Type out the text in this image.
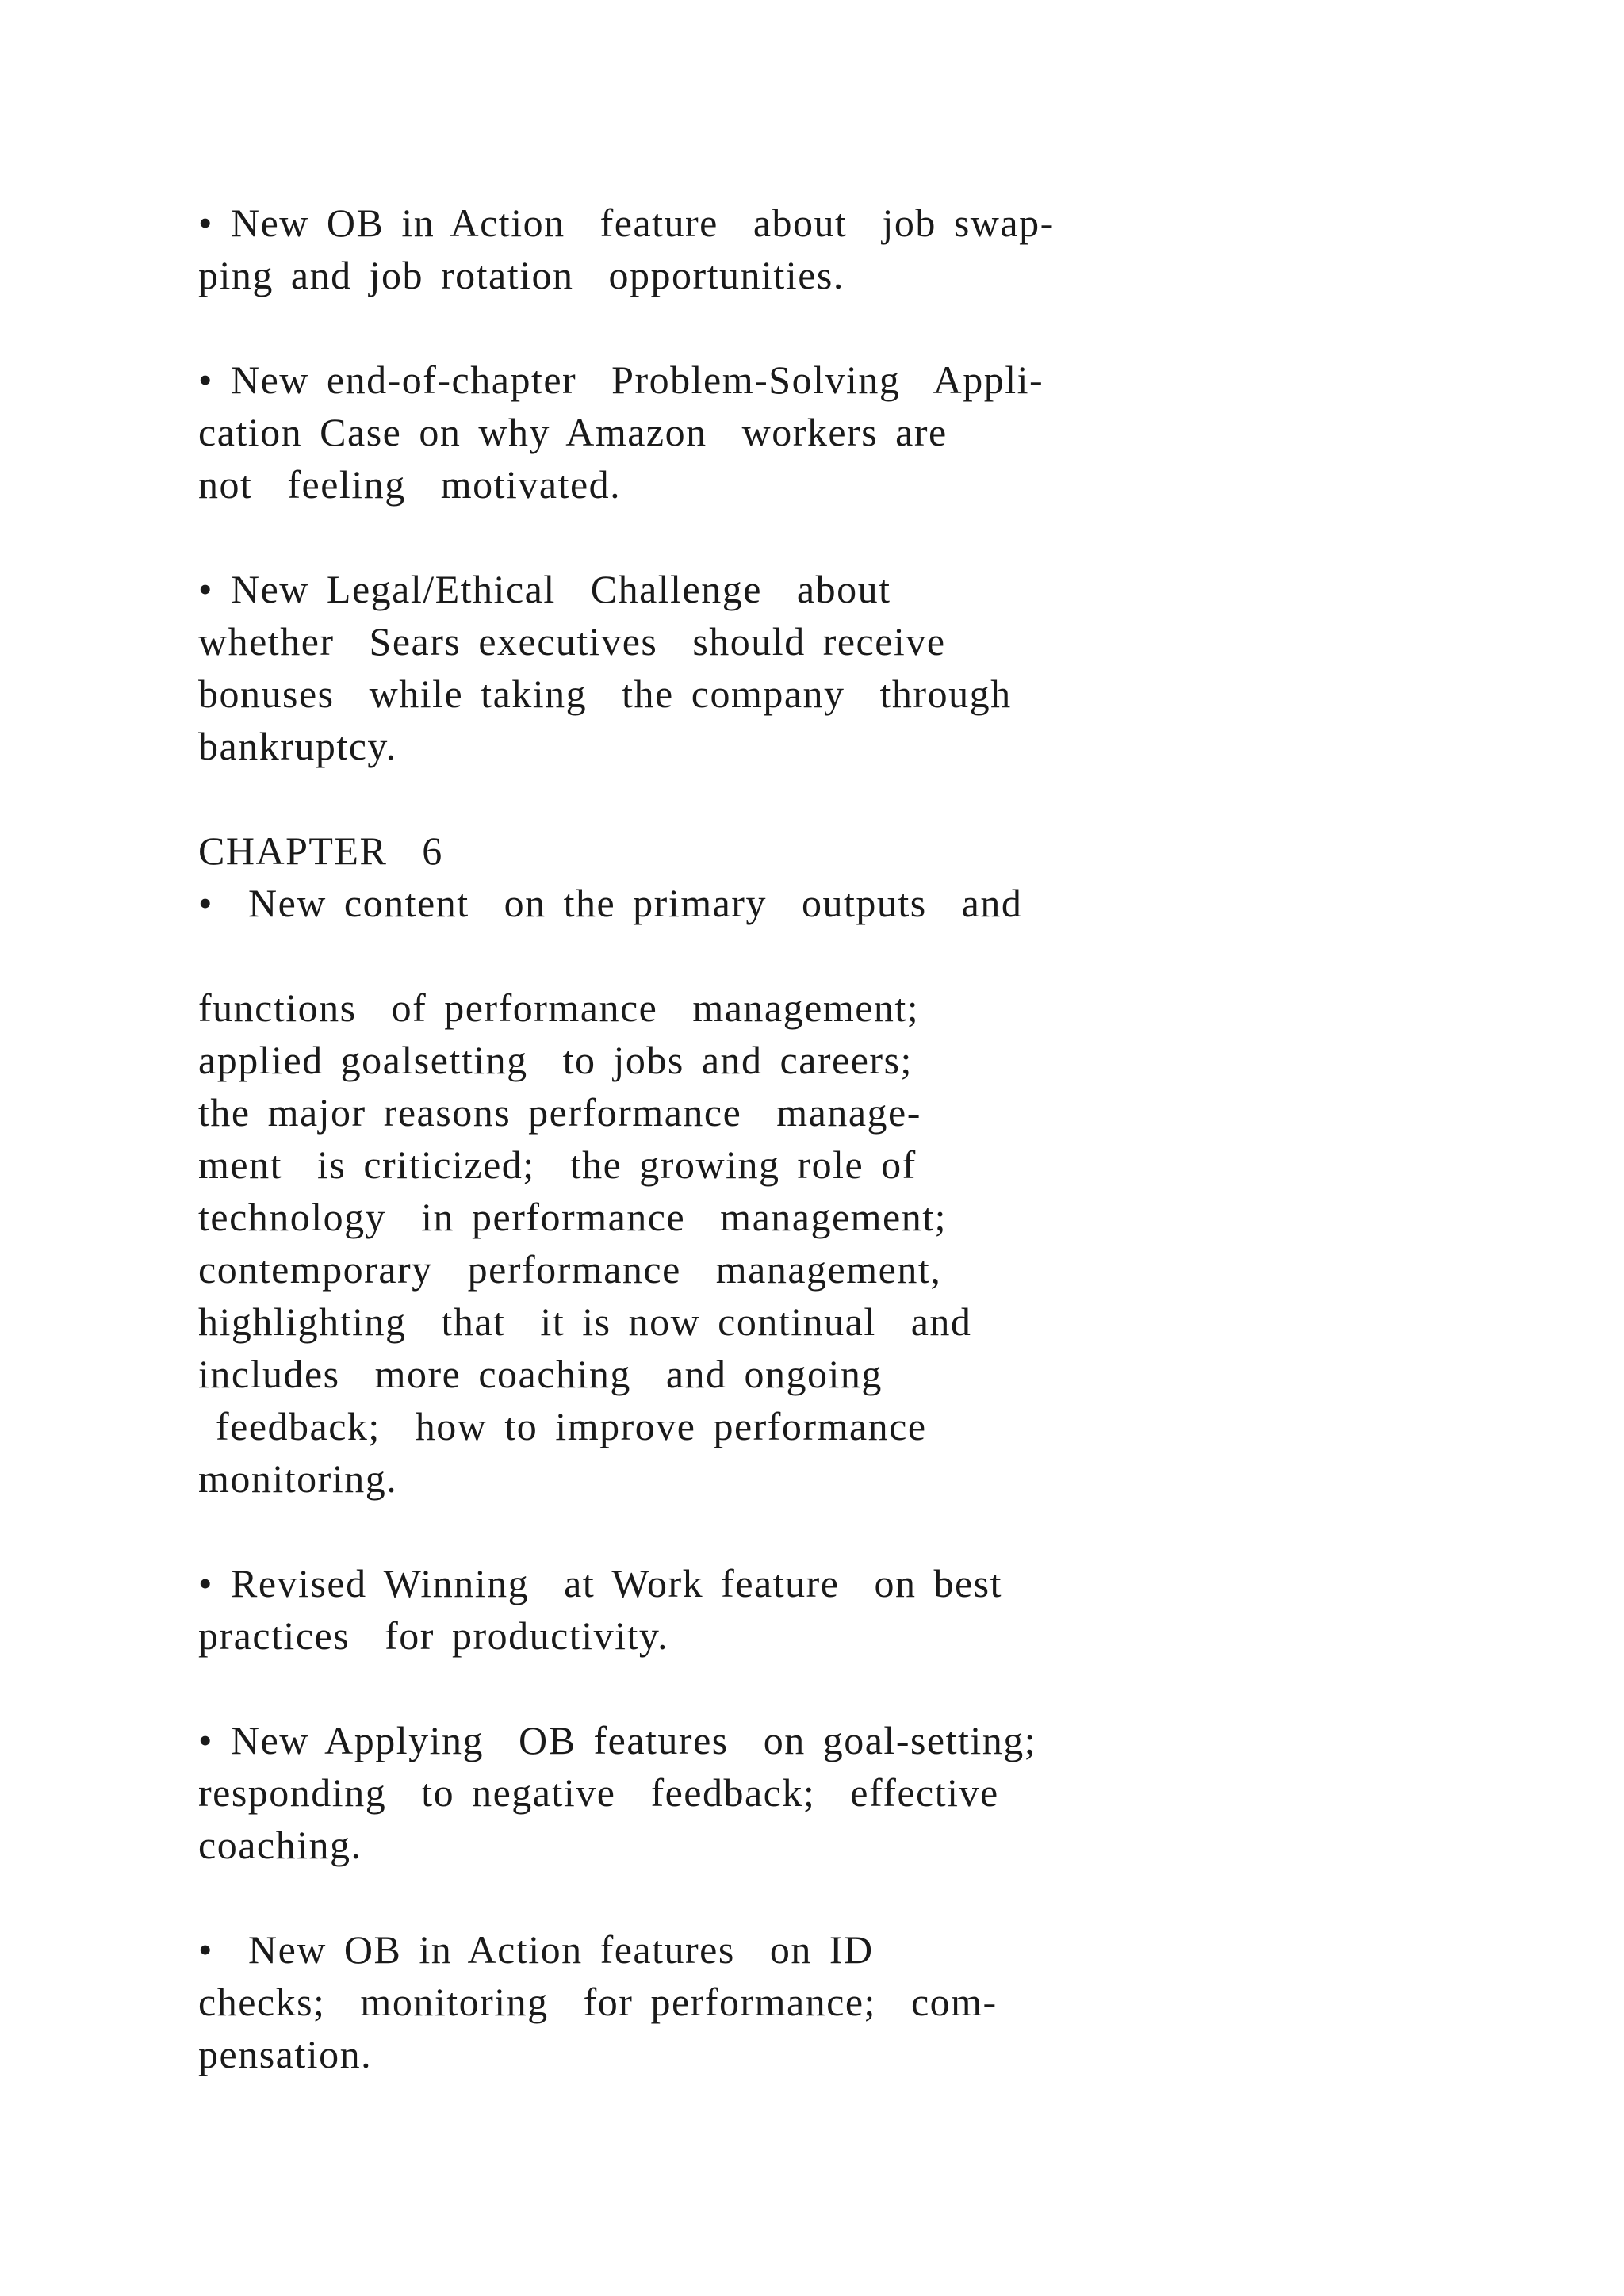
• New OB in Action  feature  about  job swap-
ping and job rotation  opportunities.
• New end-of-chapter  Problem-Solving  Appli-
cation Case on why Amazon  workers are
not  feeling  motivated.
• New Legal/Ethical  Challenge  about
whether  Sears executives  should receive
bonuses  while taking  the company  through
bankruptcy.
CHAPTER  6
•  New content  on the primary  outputs  and
functions  of performance  management;
applied goalsetting  to jobs and careers;
the major reasons performance  manage-
ment  is criticized;  the growing role of
technology  in performance  management;
contemporary  performance  management,
highlighting  that  it is now continual  and
includes  more coaching  and ongoing
feedback;  how to improve performance
monitoring.
• Revised Winning  at Work feature  on best
practices  for productivity.
• New Applying  OB features  on goal-setting;
responding  to negative  feedback;  effective
coaching.
•  New OB in Action features  on ID
checks;  monitoring  for performance;  com-
pensation.
